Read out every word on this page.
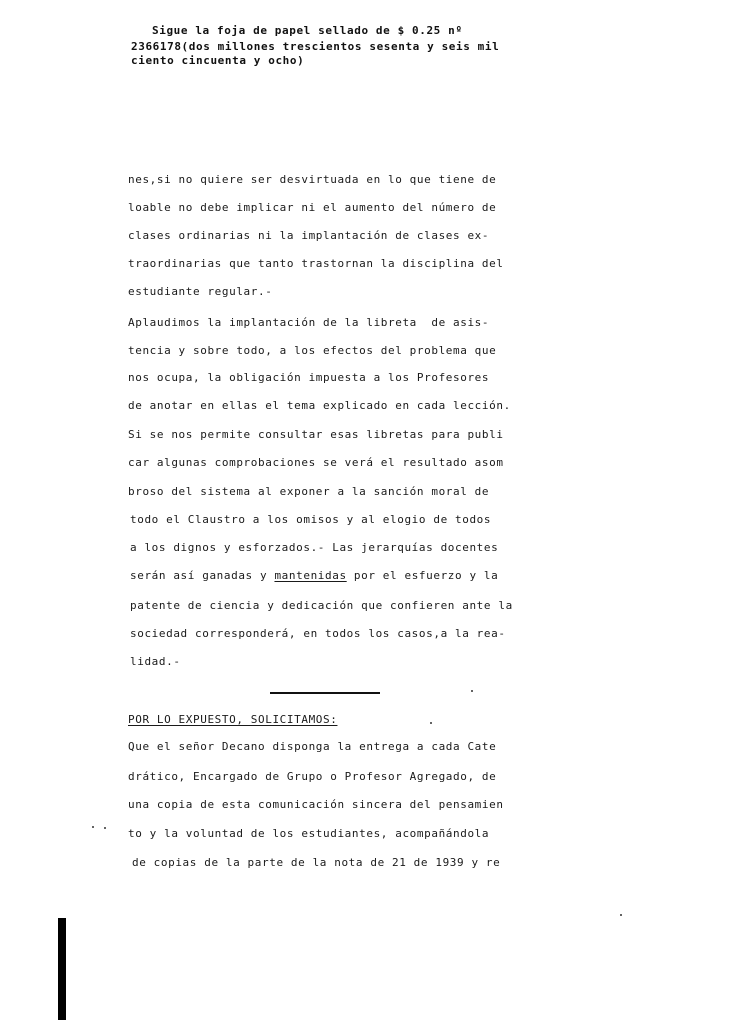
Sigue la foja de papel sellado de $ 0.25 nº
2366178(dos millones trescientos sesenta y seis mil
ciento cincuenta y ocho)
nes,si no quiere ser desvirtuada en lo que tiene de
loable no debe implicar ni el aumento del número de
clases ordinarias ni la implantación de clases ex-
traordinarias que tanto trastornan la disciplina del
estudiante regular.-
Aplaudimos la implantación de la libreta  de asis-
tencia y sobre todo, a los efectos del problema que
nos ocupa, la obligación impuesta a los Profesores
de anotar en ellas el tema explicado en cada lección.
Si se nos permite consultar esas libretas para publi
car algunas comprobaciones se verá el resultado asom
broso del sistema al exponer a la sanción moral de
todo el Claustro a los omisos y al elogio de todos
a los dignos y esforzados.- Las jerarquías docentes
serán así ganadas y mantenidas por el esfuerzo y la
patente de ciencia y dedicación que confieren ante la
sociedad corresponderá, en todos los casos,a la rea-
lidad.-
POR LO EXPUESTO, SOLICITAMOS:
Que el señor Decano disponga la entrega a cada Cate
drático, Encargado de Grupo o Profesor Agregado, de
una copia de esta comunicación sincera del pensamien
to y la voluntad de los estudiantes, acompañándola
de copias de la parte de la nota de 21 de 1939 y re
